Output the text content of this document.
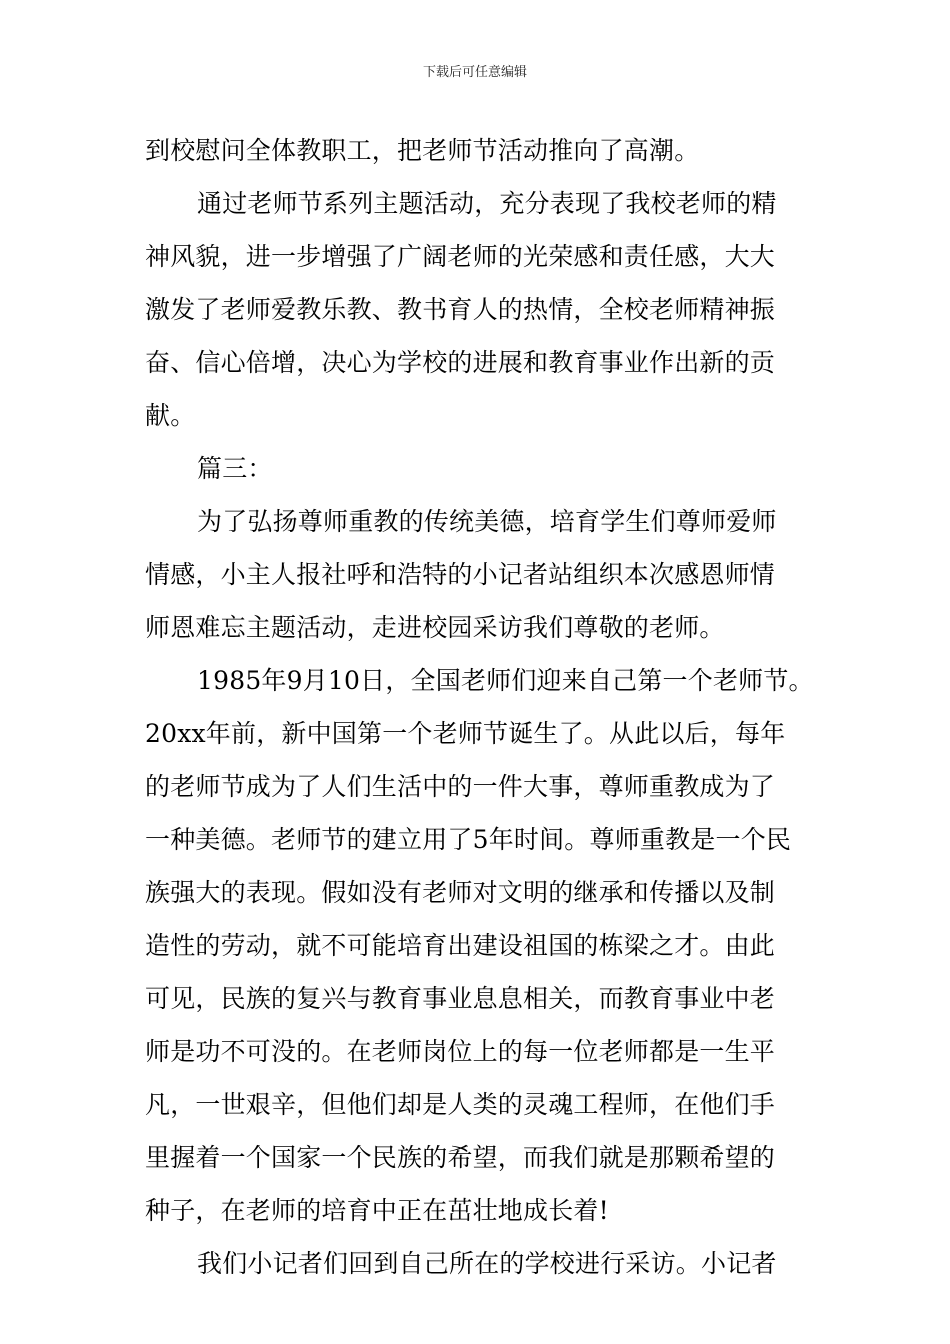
下载后可任意编辑
到校慰问全体教职工，把老师节活动推向了高潮。
通过老师节系列主题活动，充分表现了我校老师的精
神风貌，进一步增强了广阔老师的光荣感和责任感，大大
激发了老师爱教乐教、教书育人的热情，全校老师精神振
奋、信心倍增，决心为学校的进展和教育事业作出新的贡
献。
篇三：
为了弘扬尊师重教的传统美德，培育学生们尊师爱师
情感，小主人报社呼和浩特的小记者站组织本次感恩师情
师恩难忘主题活动，走进校园采访我们尊敬的老师。
1985年9月10日，全国老师们迎来自己第一个老师节。
20xx年前，新中国第一个老师节诞生了。从此以后，每年
的老师节成为了人们生活中的一件大事，尊师重教成为了
一种美德。老师节的建立用了5年时间。尊师重教是一个民
族强大的表现。假如没有老师对文明的继承和传播以及制
造性的劳动，就不可能培育出建设祖国的栋梁之才。由此
可见，民族的复兴与教育事业息息相关，而教育事业中老
师是功不可没的。在老师岗位上的每一位老师都是一生平
凡，一世艰辛，但他们却是人类的灵魂工程师，在他们手
里握着一个国家一个民族的希望，而我们就是那颗希望的
种子，在老师的培育中正在茁壮地成长着!
我们小记者们回到自己所在的学校进行采访。小记者
